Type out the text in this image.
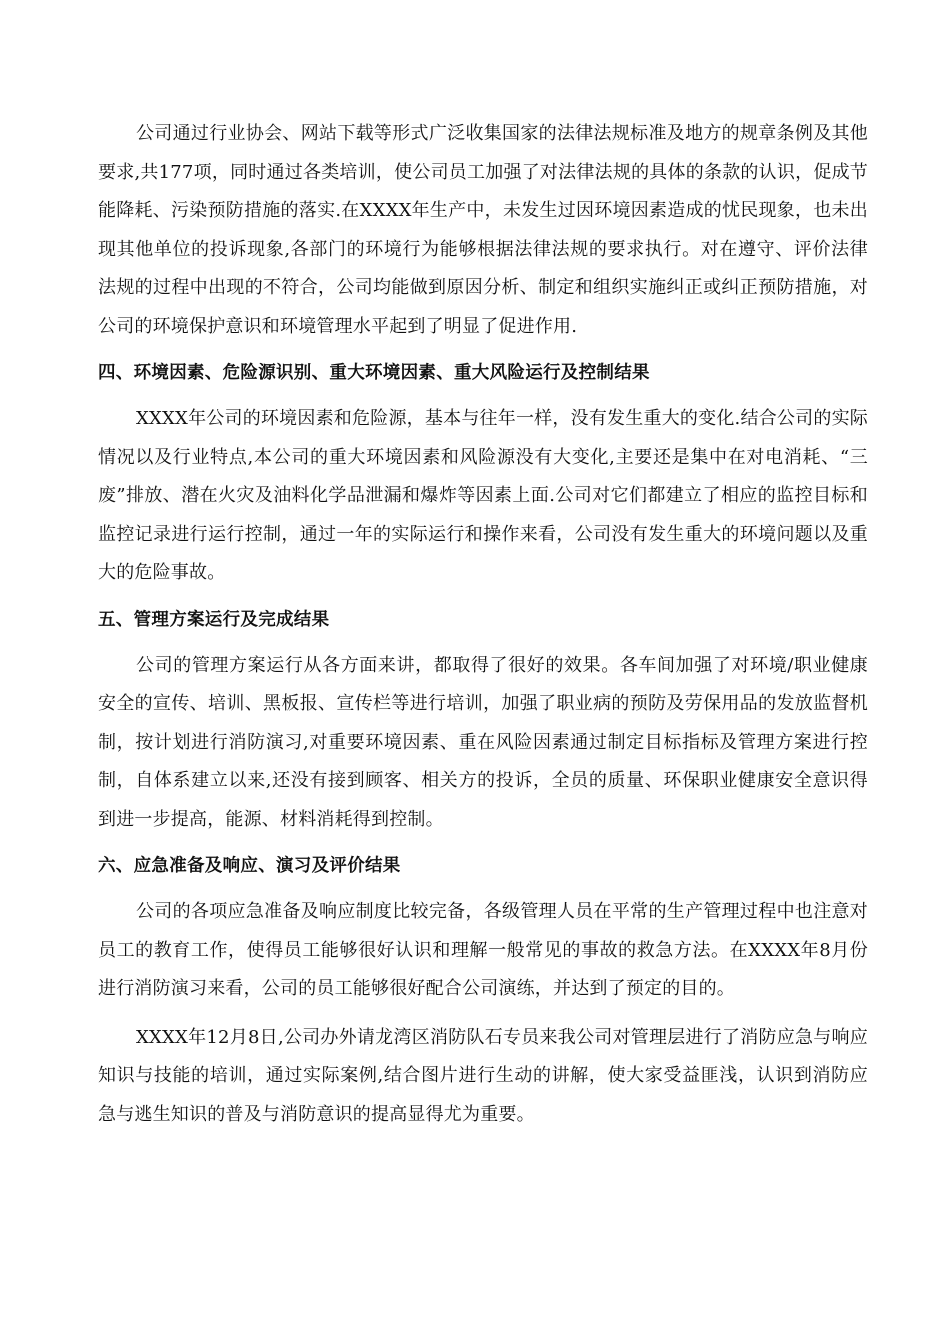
公司通过行业协会、网站下载等形式广泛收集国家的法律法规标准及地方的规章条例及其他要求,共177项，同时通过各类培训，使公司员工加强了对法律法规的具体的条款的认识，促成节能降耗、污染预防措施的落实.在XXXX年生产中，未发生过因环境因素造成的忧民现象，也未出现其他单位的投诉现象,各部门的环境行为能够根据法律法规的要求执行。对在遵守、评价法律法规的过程中出现的不符合，公司均能做到原因分析、制定和组织实施纠正或纠正预防措施，对公司的环境保护意识和环境管理水平起到了明显了促进作用.

四、环境因素、危险源识别、重大环境因素、重大风险运行及控制结果

XXXX年公司的环境因素和危险源，基本与往年一样，没有发生重大的变化.结合公司的实际情况以及行业特点,本公司的重大环境因素和风险源没有大变化,主要还是集中在对电消耗、“三废”排放、潜在火灾及油料化学品泄漏和爆炸等因素上面.公司对它们都建立了相应的监控目标和监控记录进行运行控制，通过一年的实际运行和操作来看，公司没有发生重大的环境问题以及重大的危险事故。

五、管理方案运行及完成结果

公司的管理方案运行从各方面来讲，都取得了很好的效果。各车间加强了对环境/职业健康安全的宣传、培训、黑板报、宣传栏等进行培训，加强了职业病的预防及劳保用品的发放监督机制，按计划进行消防演习,对重要环境因素、重在风险因素通过制定目标指标及管理方案进行控制，自体系建立以来,还没有接到顾客、相关方的投诉，全员的质量、环保职业健康安全意识得到进一步提高，能源、材料消耗得到控制。

六、应急准备及响应、演习及评价结果

公司的各项应急准备及响应制度比较完备，各级管理人员在平常的生产管理过程中也注意对员工的教育工作，使得员工能够很好认识和理解一般常见的事故的救急方法。在XXXX年8月份进行消防演习来看，公司的员工能够很好配合公司演练，并达到了预定的目的。

XXXX年12月8日,公司办外请龙湾区消防队石专员来我公司对管理层进行了消防应急与响应知识与技能的培训，通过实际案例,结合图片进行生动的讲解，使大家受益匪浅，认识到消防应急与逃生知识的普及与消防意识的提高显得尤为重要。
